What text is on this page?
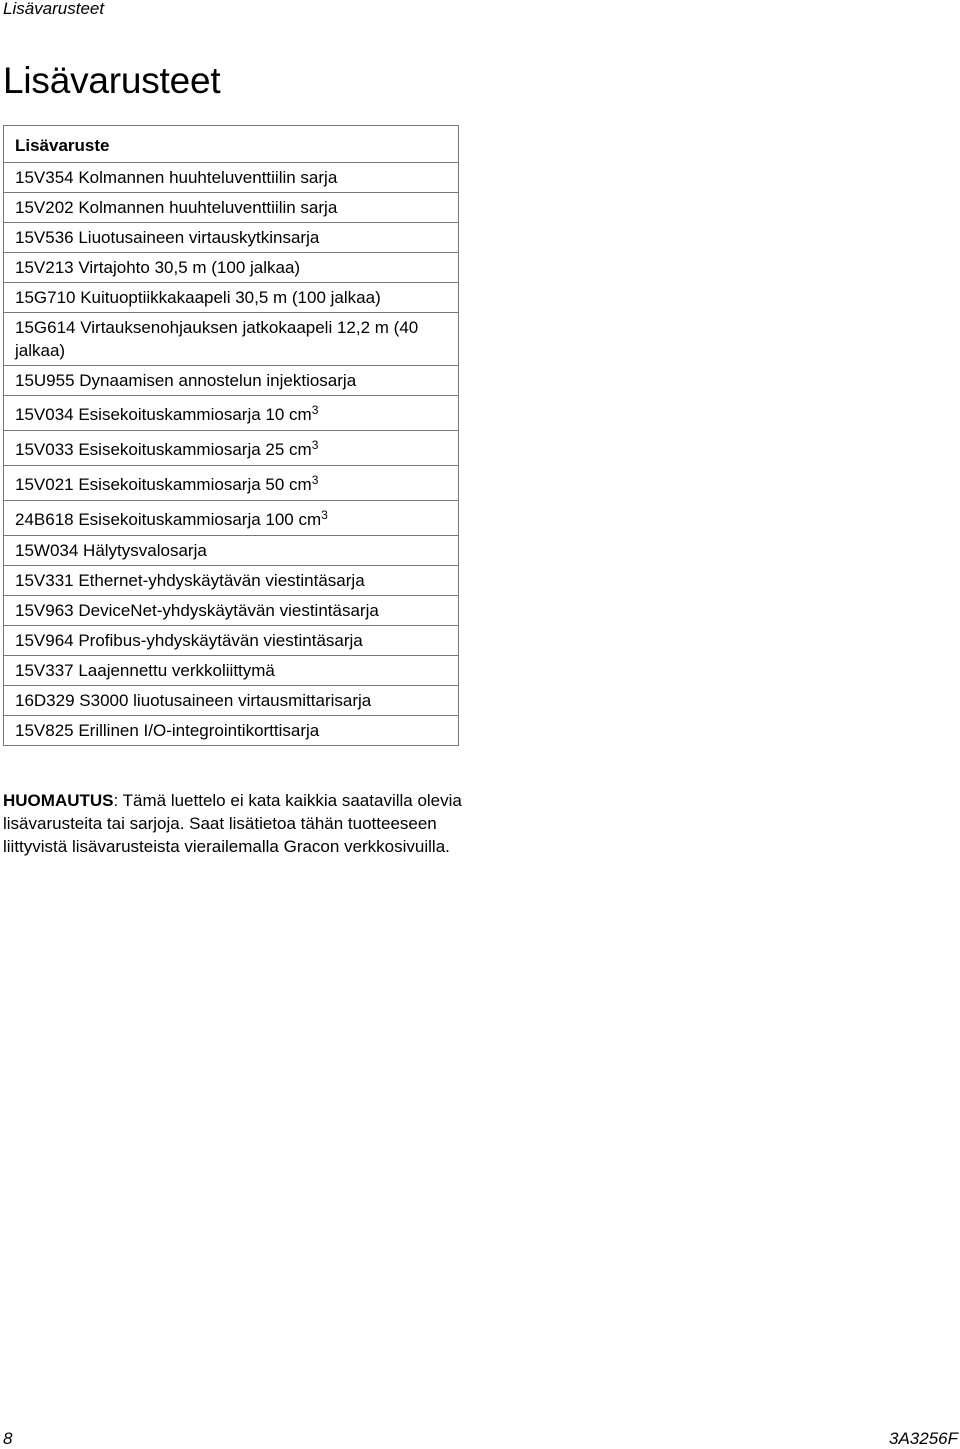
Lisävarusteet
Lisävarusteet
Lisävaruste
15V354 Kolmannen huuhteluventtiilin sarja
15V202 Kolmannen huuhteluventtiilin sarja
15V536 Liuotusaineen virtauskytkinsarja
15V213 Virtajohto 30,5 m (100 jalkaa)
15G710 Kuituoptiikkakaapeli 30,5 m (100 jalkaa)
15G614 Virtauksenohjauksen jatkokaapeli 12,2 m (40 jalkaa)
15U955 Dynaamisen annostelun injektiosarja
15V034 Esisekoituskammiosarja 10 $cm^3$
15V033 Esisekoituskammiosarja 25 $cm^3$
15V021 Esisekoituskammiosarja 50 $cm^3$
24B618 Esisekoituskammiosarja 100 $cm^3$
15W034 Hälytysvalosarja
15V331 Ethernet-yhdyskäytävän viestintäsarja
15V963 DeviceNet-yhdyskäytävän viestintäsarja
15V964 Profibus-yhdyskäytävän viestintäsarja
15V337 Laajennettu verkkoliittymä
16D329 S3000 liuotusaineen virtausmittarisarja
15V825 Erillinen I/O-integrointikorttisarja

HUOMAUTUS: Tämä luettelo ei kata kaikkia saatavilla olevia lisävarusteita tai sarjoja. Saat lisätietoa tähän tuotteeseen liittyvistä lisävarusteista vierailemalla Gracon verkkosivuilla.

8	3A3256F
